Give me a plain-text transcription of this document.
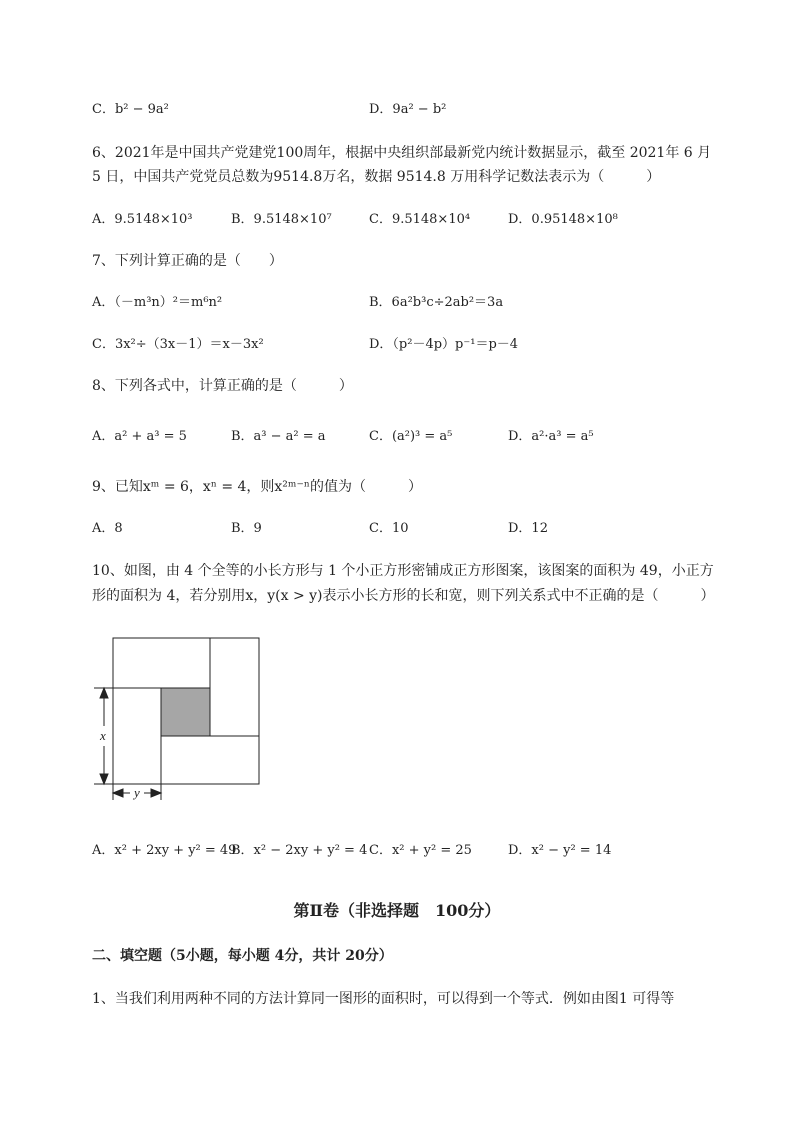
C．b² − 9a²	D．9a² − b²
6、2021年是中国共产党建党100周年，根据中央组织部最新党内统计数据显示，截至 2021年 6 月
5 日，中国共产党党员总数为9514.8万名，数据 9514.8 万用科学记数法表示为（　　　）
A．9.5148×10³	B．9.5148×10⁷	C．9.5148×10⁴	D．0.95148×10⁸
7、下列计算正确的是（　　）
A．（－m³n）²＝m⁶n²	B．6a²b³c÷2ab²＝3a
C．3x²÷（3x－1）＝x－3x²	D．（p²－4p）p⁻¹＝p－4
8、下列各式中，计算正确的是（　　　）
A．a² + a³ = 5	B．a³ − a² = a	C．(a²)³ = a⁵	D．a²·a³ = a⁵
9、已知xᵐ = 6，xⁿ = 4，则x²ᵐ⁻ⁿ的值为（　　　）
A．8	B．9	C．10	D．12
10、如图，由 4 个全等的小长方形与 1 个小正方形密铺成正方形图案，该图案的面积为 49，小正方
形的面积为 4，若分别用x，y(x > y)表示小长方形的长和宽，则下列关系式中不正确的是（　　　）
x
y
A．x² + 2xy + y² = 49
B．x² − 2xy + y² = 4 C．x² + y² = 25	D．x² − y² = 14
第Ⅱ卷（非选择题　100分）
二、填空题（5小题，每小题 4分，共计 20分）
1、当我们利用两种不同的方法计算同一图形的面积时，可以得到一个等式．例如由图1 可得等
